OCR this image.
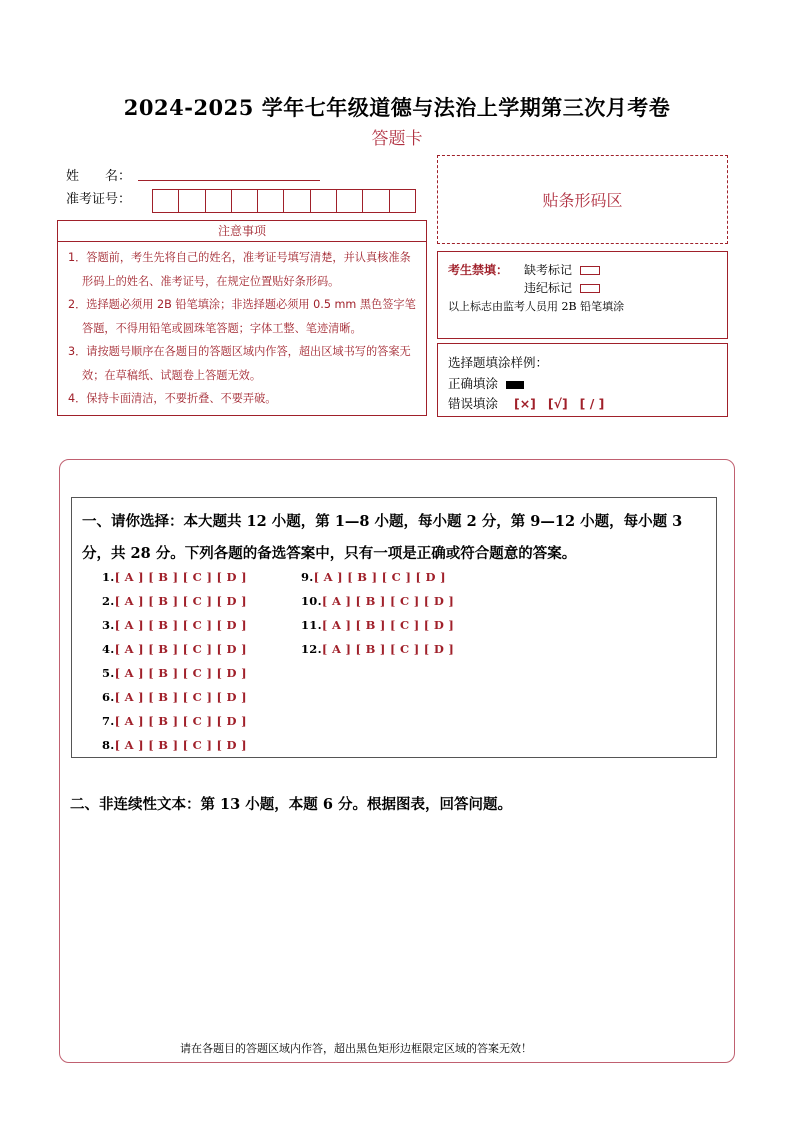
2024-2025 学年七年级道德与法治上学期第三次月考卷
答题卡
姓　　名：
准考证号：	贴条形码区
注意事项
1．答题前，考生先将自己的姓名，准考证号填写清楚，并认真核准条形码上的姓名、准考证号，在规定位置贴好条形码。
2．选择题必须用 2B 铅笔填涂；非选择题必须用 0.5 mm 黑色签字笔答题，不得用铅笔或圆珠笔答题；字体工整、笔迹清晰。
3．请按题号顺序在各题目的答题区域内作答，超出区域书写的答案无效；在草稿纸、试题卷上答题无效。
4．保持卡面清洁，不要折叠、不要弄破。
考生禁填： 缺考标记
违纪标记
以上标志由监考人员用 2B 铅笔填涂
选择题填涂样例：
正确填涂
错误填涂 [×] [√] [ / ]
一、请你选择：本大题共 12 小题，第 1—8 小题，每小题 2 分，第 9—12 小题，每小题 3 分，共 28 分。下列各题的备选答案中，只有一项是正确或符合题意的答案。
1.[ A ] [ B ] [ C ] [ D ]
2.[ A ] [ B ] [ C ] [ D ]
3.[ A ] [ B ] [ C ] [ D ]
4.[ A ] [ B ] [ C ] [ D ]
5.[ A ] [ B ] [ C ] [ D ]
6.[ A ] [ B ] [ C ] [ D ]
7.[ A ] [ B ] [ C ] [ D ]
8.[ A ] [ B ] [ C ] [ D ]
9.[ A ] [ B ] [ C ] [ D ]
10.[ A ] [ B ] [ C ] [ D ]
11.[ A ] [ B ] [ C ] [ D ]
12.[ A ] [ B ] [ C ] [ D ]
二、非连续性文本：第 13 小题，本题 6 分。根据图表，回答问题。
请在各题目的答题区域内作答，超出黑色矩形边框限定区域的答案无效！
